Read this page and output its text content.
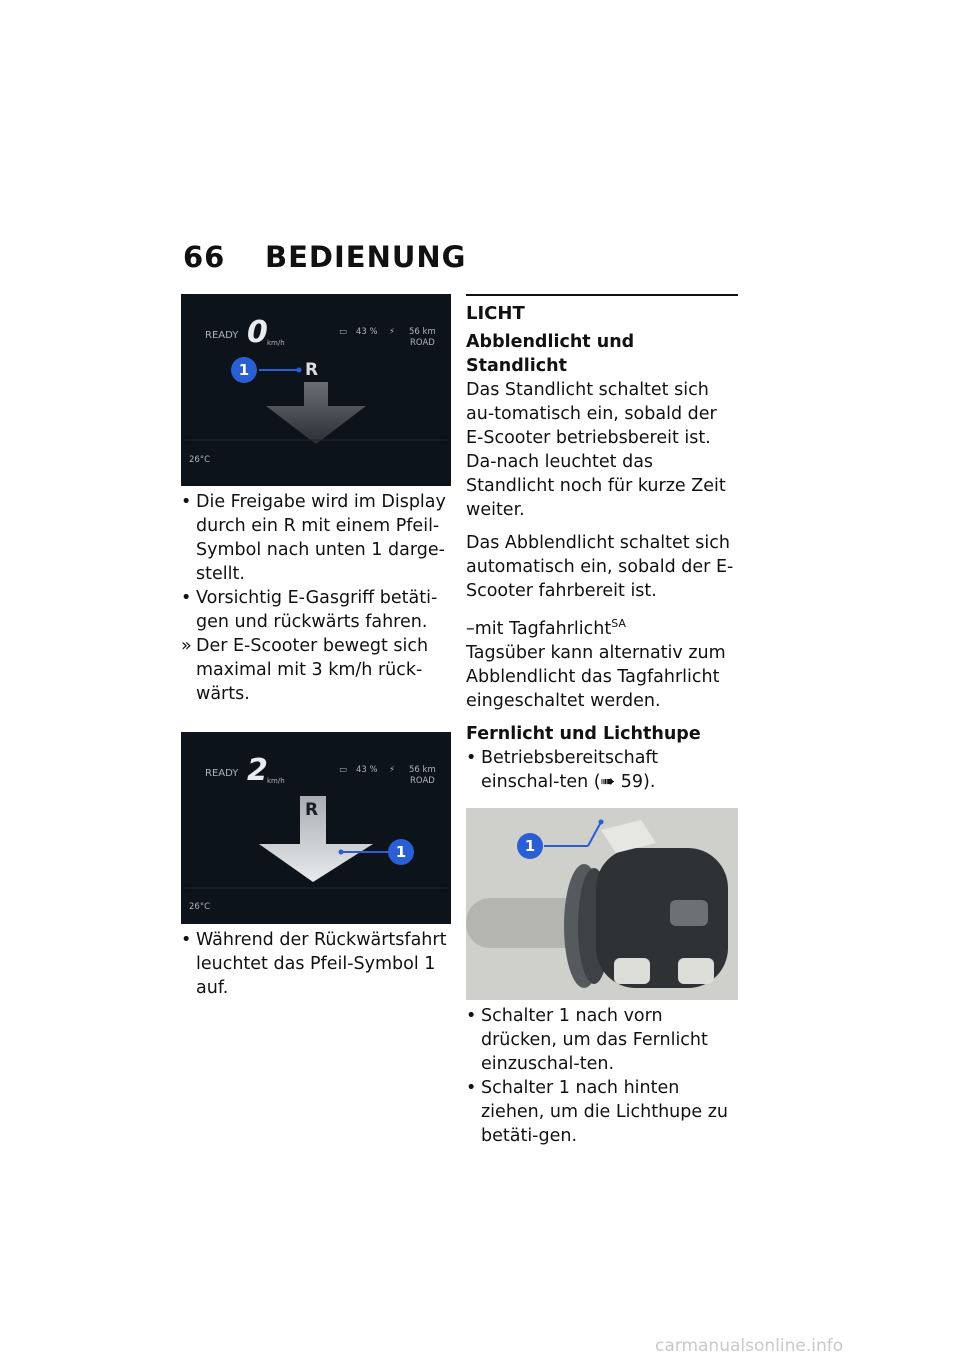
66 BEDIENUNG
READY 0 km/h
▭ 43 % ⚡ 56 km
ROAD
R
26°C
1
• Die Freigabe wird im Display durch ein R mit einem Pfeil-Symbol nach unten 1 darge-stellt.
• Vorsichtig E-Gasgriff betäti-gen und rückwärts fahren.
» Der E-Scooter bewegt sich maximal mit 3 km/h rück-wärts.
READY 2 km/h
▭ 43 % ⚡ 56 km
ROAD
R
26°C
1
• Während der Rückwärtsfahrt leuchtet das Pfeil-Symbol 1 auf.
LICHT
Abblendlicht und Standlicht

Das Standlicht schaltet sich au-tomatisch ein, sobald der E-Scooter betriebsbereit ist. Da-nach leuchtet das Standlicht noch für kurze Zeit weiter.

Das Abblendlicht schaltet sich automatisch ein, sobald der E-Scooter fahrbereit ist.

–mit Tagfahrlicht$^{SA}$

Tagsüber kann alternativ zum Abblendlicht das Tagfahrlicht eingeschaltet werden.

Fernlicht und Lichthupe
• Betriebsbereitschaft einschal-ten (➠ 59).
1
• Schalter 1 nach vorn drücken, um das Fernlicht einzuschal-ten.
• Schalter 1 nach hinten ziehen, um die Lichthupe zu betäti-gen.
carmanualsonline.info
